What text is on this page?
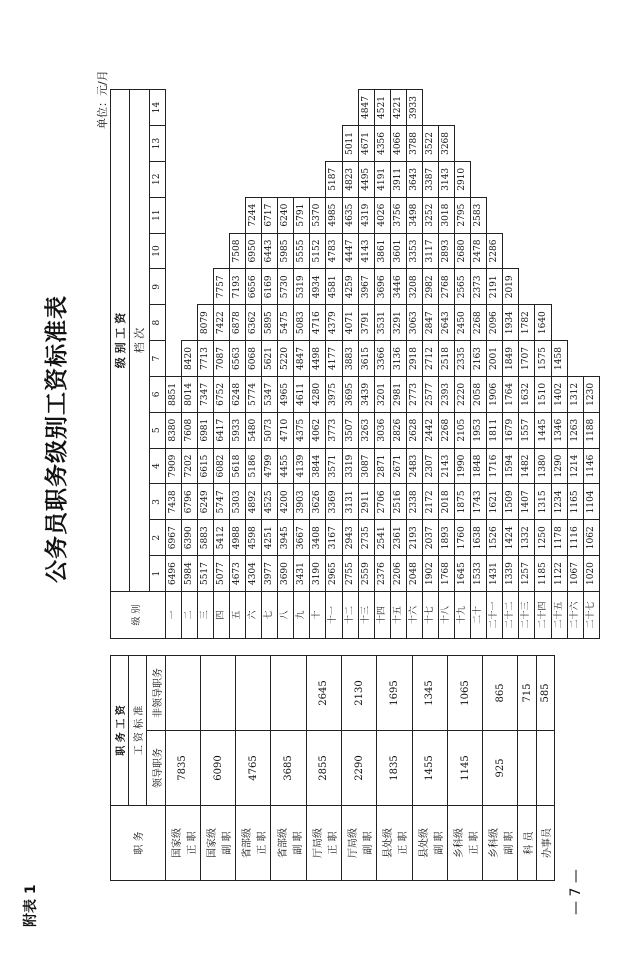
附表 1	— 7 —
公务员职务级别工资标准表
单位：元/月
职 务	职 务 工 资	
	工 资 标 准	
	领导职务	非领导职务

国家级 正 职	7835	

国家级 副 职	6090	

省部级 正 职	4765	

省部级 副 职	3685	

厅局级 正 职	2855	2645

厅局级 副 职	2290	2130

县处级 正 职	1835	1695

县处级 副 职	1455	1345

乡科级 正 职	1145	1065

乡科级 副 职	925	865

科 员		715

办事员		585
级 别	级 别 工 资													
	档 次													
	1	2	3	4	5	6	7	8	9	10	11	12	13	14
一	6496	6967	7438	7909	8380	8851								
二	5984	6390	6796	7202	7608	8014	8420							
三	5517	5883	6249	6615	6981	7347	7713	8079						
四	5077	5412	5747	6082	6417	6752	7087	7422	7757					
五	4673	4988	5303	5618	5933	6248	6563	6878	7193	7508				
六	4304	4598	4892	5186	5480	5774	6068	6362	6656	6950	7244			
七	3977	4251	4525	4799	5073	5347	5621	5895	6169	6443	6717			
八	3690	3945	4200	4455	4710	4965	5220	5475	5730	5985	6240			
九	3431	3667	3903	4139	4375	4611	4847	5083	5319	5555	5791			
十	3190	3408	3626	3844	4062	4280	4498	4716	4934	5152	5370			
十一	2965	3167	3369	3571	3773	3975	4177	4379	4581	4783	4985	5187		
十二	2755	2943	3131	3319	3507	3695	3883	4071	4259	4447	4635	4823	5011	
十三	2559	2735	2911	3087	3263	3439	3615	3791	3967	4143	4319	4495	4671	4847
十四	2376	2541	2706	2871	3036	3201	3366	3531	3696	3861	4026	4191	4356	4521
十五	2206	2361	2516	2671	2826	2981	3136	3291	3446	3601	3756	3911	4066	4221
十六	2048	2193	2338	2483	2628	2773	2918	3063	3208	3353	3498	3643	3788	3933
十七	1902	2037	2172	2307	2442	2577	2712	2847	2982	3117	3252	3387	3522	
十八	1768	1893	2018	2143	2268	2393	2518	2643	2768	2893	3018	3143	3268	
十九	1645	1760	1875	1990	2105	2220	2335	2450	2565	2680	2795	2910		
二十	1533	1638	1743	1848	1953	2058	2163	2268	2373	2478	2583			
二十一	1431	1526	1621	1716	1811	1906	2001	2096	2191	2286				
二十二	1339	1424	1509	1594	1679	1764	1849	1934	2019					
二十三	1257	1332	1407	1482	1557	1632	1707	1782						
二十四	1185	1250	1315	1380	1445	1510	1575	1640						
二十五	1122	1178	1234	1290	1346	1402	1458							
二十六	1067	1116	1165	1214	1263	1312								
二十七	1020	1062	1104	1146	1188	1230								
